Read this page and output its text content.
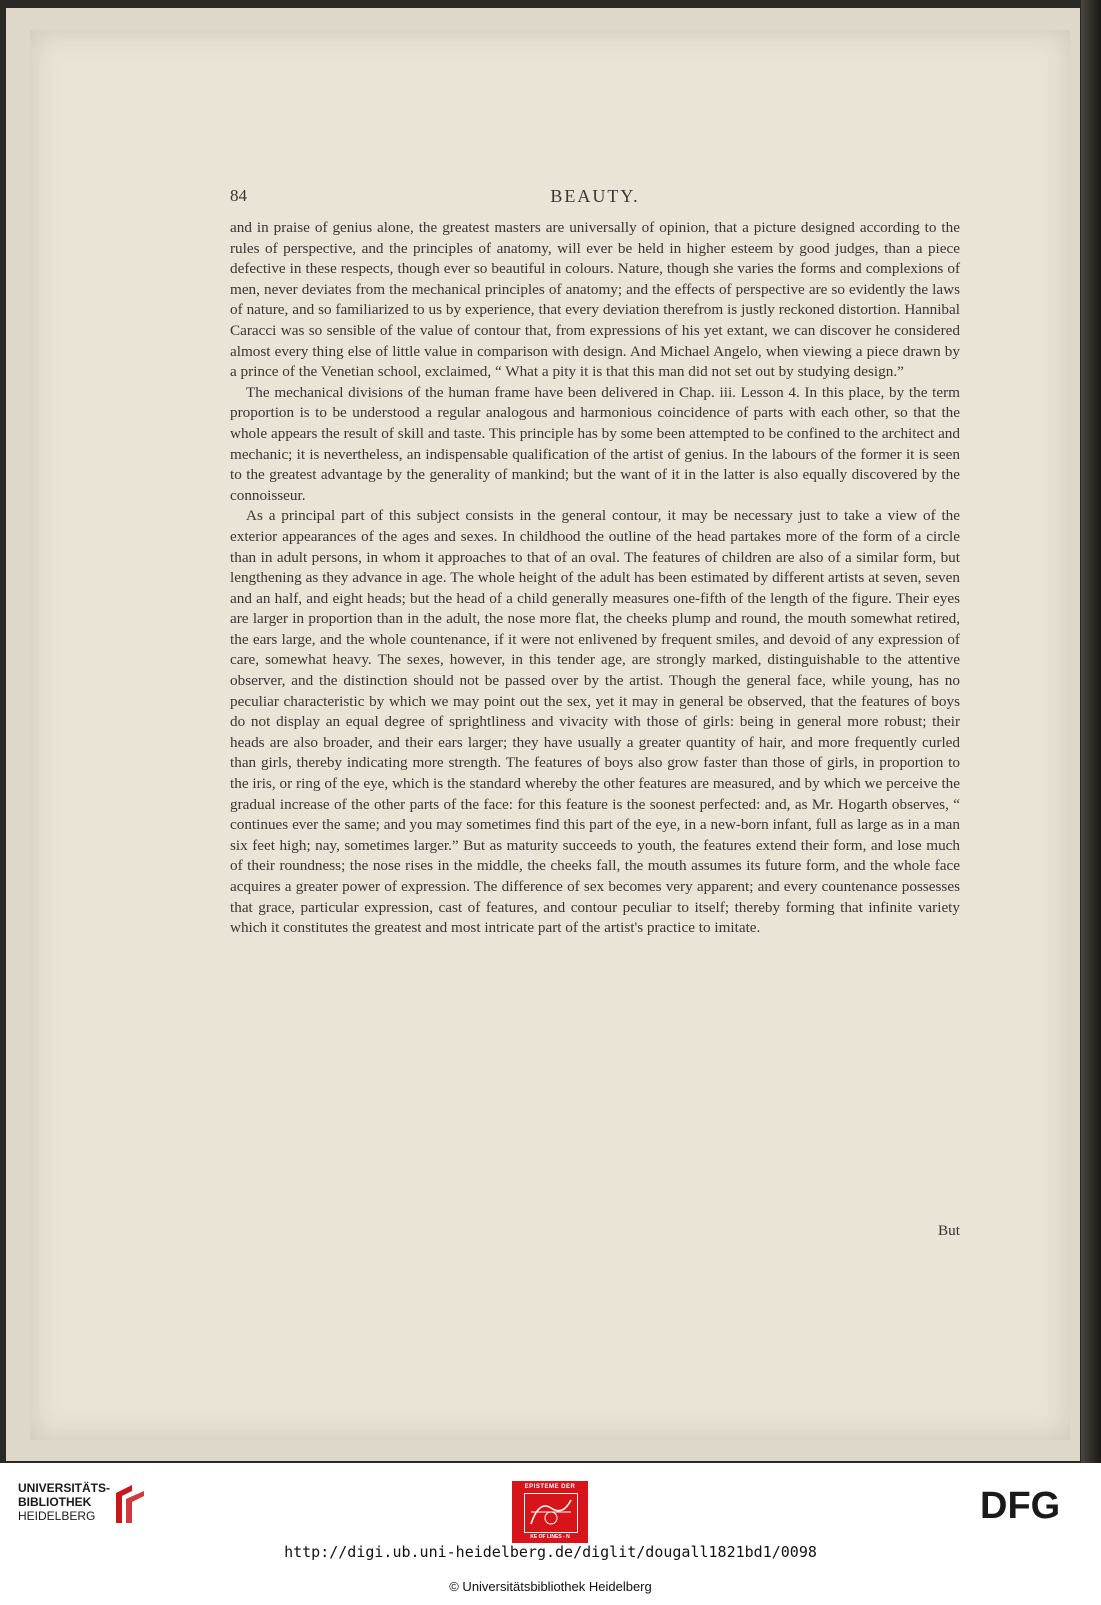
84	BEAUTY.

and in praise of genius alone, the greatest masters are universally of opinion, that a picture designed according to the rules of perspective, and the principles of anatomy, will ever be held in higher esteem by good judges, than a piece defective in these respects, though ever so beautiful in colours. Nature, though she varies the forms and complexions of men, never deviates from the mechanical principles of anatomy; and the effects of perspective are so evidently the laws of nature, and so familiarized to us by experience, that every deviation therefrom is justly reckoned distortion. Hannibal Caracci was so sensible of the value of contour that, from expressions of his yet extant, we can discover he considered almost every thing else of little value in comparison with design. And Michael Angelo, when viewing a piece drawn by a prince of the Venetian school, exclaimed, “ What a pity it is that this man did not set out by studying design.”

The mechanical divisions of the human frame have been delivered in Chap. iii. Lesson 4. In this place, by the term proportion is to be understood a regular analogous and harmonious coincidence of parts with each other, so that the whole appears the result of skill and taste. This principle has by some been attempted to be confined to the architect and mechanic; it is nevertheless, an indispensable qualification of the artist of genius. In the labours of the former it is seen to the greatest advantage by the generality of mankind; but the want of it in the latter is also equally discovered by the connoisseur.

As a principal part of this subject consists in the general contour, it may be necessary just to take a view of the exterior appearances of the ages and sexes. In childhood the outline of the head partakes more of the form of a circle than in adult persons, in whom it approaches to that of an oval. The features of children are also of a similar form, but lengthening as they advance in age. The whole height of the adult has been estimated by different artists at seven, seven and an half, and eight heads; but the head of a child generally measures one-fifth of the length of the figure. Their eyes are larger in proportion than in the adult, the nose more flat, the cheeks plump and round, the mouth somewhat retired, the ears large, and the whole countenance, if it were not enlivened by frequent smiles, and devoid of any expression of care, somewhat heavy. The sexes, however, in this tender age, are strongly marked, distinguishable to the attentive observer, and the distinction should not be passed over by the artist. Though the general face, while young, has no peculiar characteristic by which we may point out the sex, yet it may in general be observed, that the features of boys do not display an equal degree of sprightliness and vivacity with those of girls: being in general more robust; their heads are also broader, and their ears larger; they have usually a greater quantity of hair, and more frequently curled than girls, thereby indicating more strength. The features of boys also grow faster than those of girls, in proportion to the iris, or ring of the eye, which is the standard whereby the other features are measured, and by which we perceive the gradual increase of the other parts of the face: for this feature is the soonest perfected: and, as Mr. Hogarth observes, “ continues ever the same; and you may sometimes find this part of the eye, in a new-born infant, full as large as in a man six feet high; nay, sometimes larger.” But as maturity succeeds to youth, the features extend their form, and lose much of their roundness; the nose rises in the middle, the cheeks fall, the mouth assumes its future form, and the whole face acquires a greater power of expression. The difference of sex becomes very apparent; and every countenance possesses that grace, particular expression, cast of features, and contour peculiar to itself; thereby forming that infinite variety which it constitutes the greatest and most intricate part of the artist's practice to imitate.

But
UNIVERSITÄTS-
BIBLIOTHEK
HEIDELBERG
EPISTEME DER
KE OF LINES - N
DFG
http://digi.ub.uni-heidelberg.de/diglit/dougall1821bd1/0098
© Universitätsbibliothek Heidelberg
